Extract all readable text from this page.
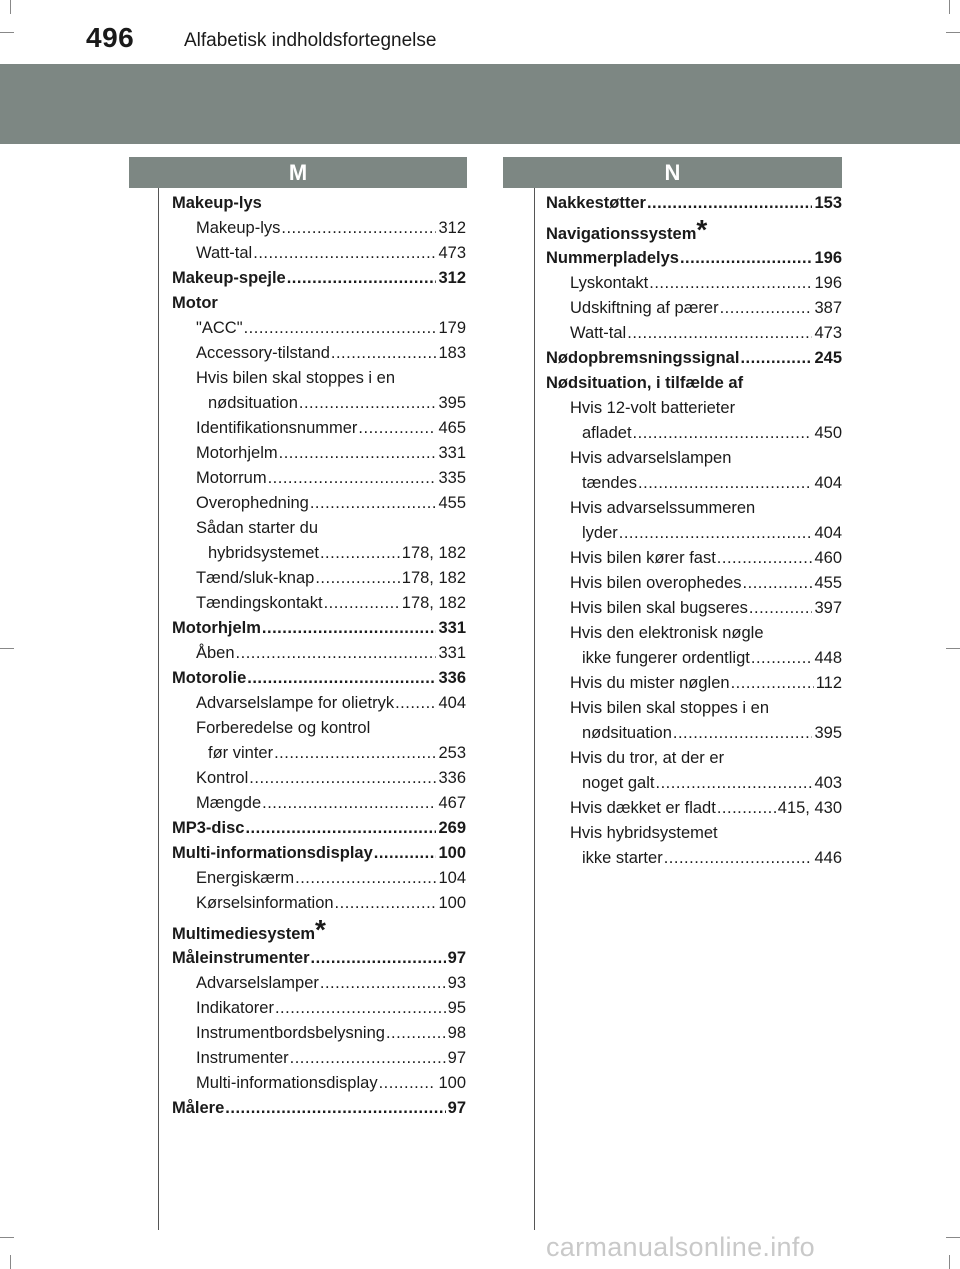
496	Alfabetisk indholdsfortegnelse
M	N
Makeup-lys
Makeup-lys .....	312
Watt-tal .....	473
Makeup-spejle .....	312
Motor
"ACC" .....	179
Accessory-tilstand .....	183
Hvis bilen skal stoppes i en
nødsituation .....	395
Identifikationsnummer .....	465
Motorhjelm .....	331
Motorrum .....	335
Overophedning .....	455
Sådan starter du
hybridsystemet .....	178, 182
Tænd/sluk-knap .....	178, 182
Tændingskontakt .....	178, 182
Motorhjelm .....	331
Åben .....	331
Motorolie .....	336
Advarselslampe for olietryk .....	404
Forberedelse og kontrol
før vinter .....	253
Kontrol .....	336
Mængde .....	467
MP3-disc .....	269
Multi-informationsdisplay .....	100
Energiskærm .....	104
Kørselsinformation .....	100
Multimediesystem *
Måleinstrumenter .....	97
Advarselslamper .....	93
Indikatorer .....	95
Instrumentbordsbelysning .....	98
Instrumenter .....	97
Multi-informationsdisplay .....	100
Målere .....	97
Nakkestøtter .....	153
Navigationssystem *
Nummerpladelys .....	196
Lyskontakt .....	196
Udskiftning af pærer .....	387
Watt-tal .....	473
Nødopbremsningssignal .....	245
Nødsituation, i tilfælde af
Hvis 12-volt batterieter
afladet .....	450
Hvis advarselslampen
tændes .....	404
Hvis advarselssummeren
lyder .....	404
Hvis bilen kører fast .....	460
Hvis bilen overophedes .....	455
Hvis bilen skal bugseres .....	397
Hvis den elektronisk nøgle
ikke fungerer ordentligt .....	448
Hvis du mister nøglen .....	112
Hvis bilen skal stoppes i en
nødsituation .....	395
Hvis du tror, at der er
noget galt .....	403
Hvis dækket er fladt .....	415, 430
Hvis hybridsystemet
ikke starter .....	446
carmanualsonline.info
